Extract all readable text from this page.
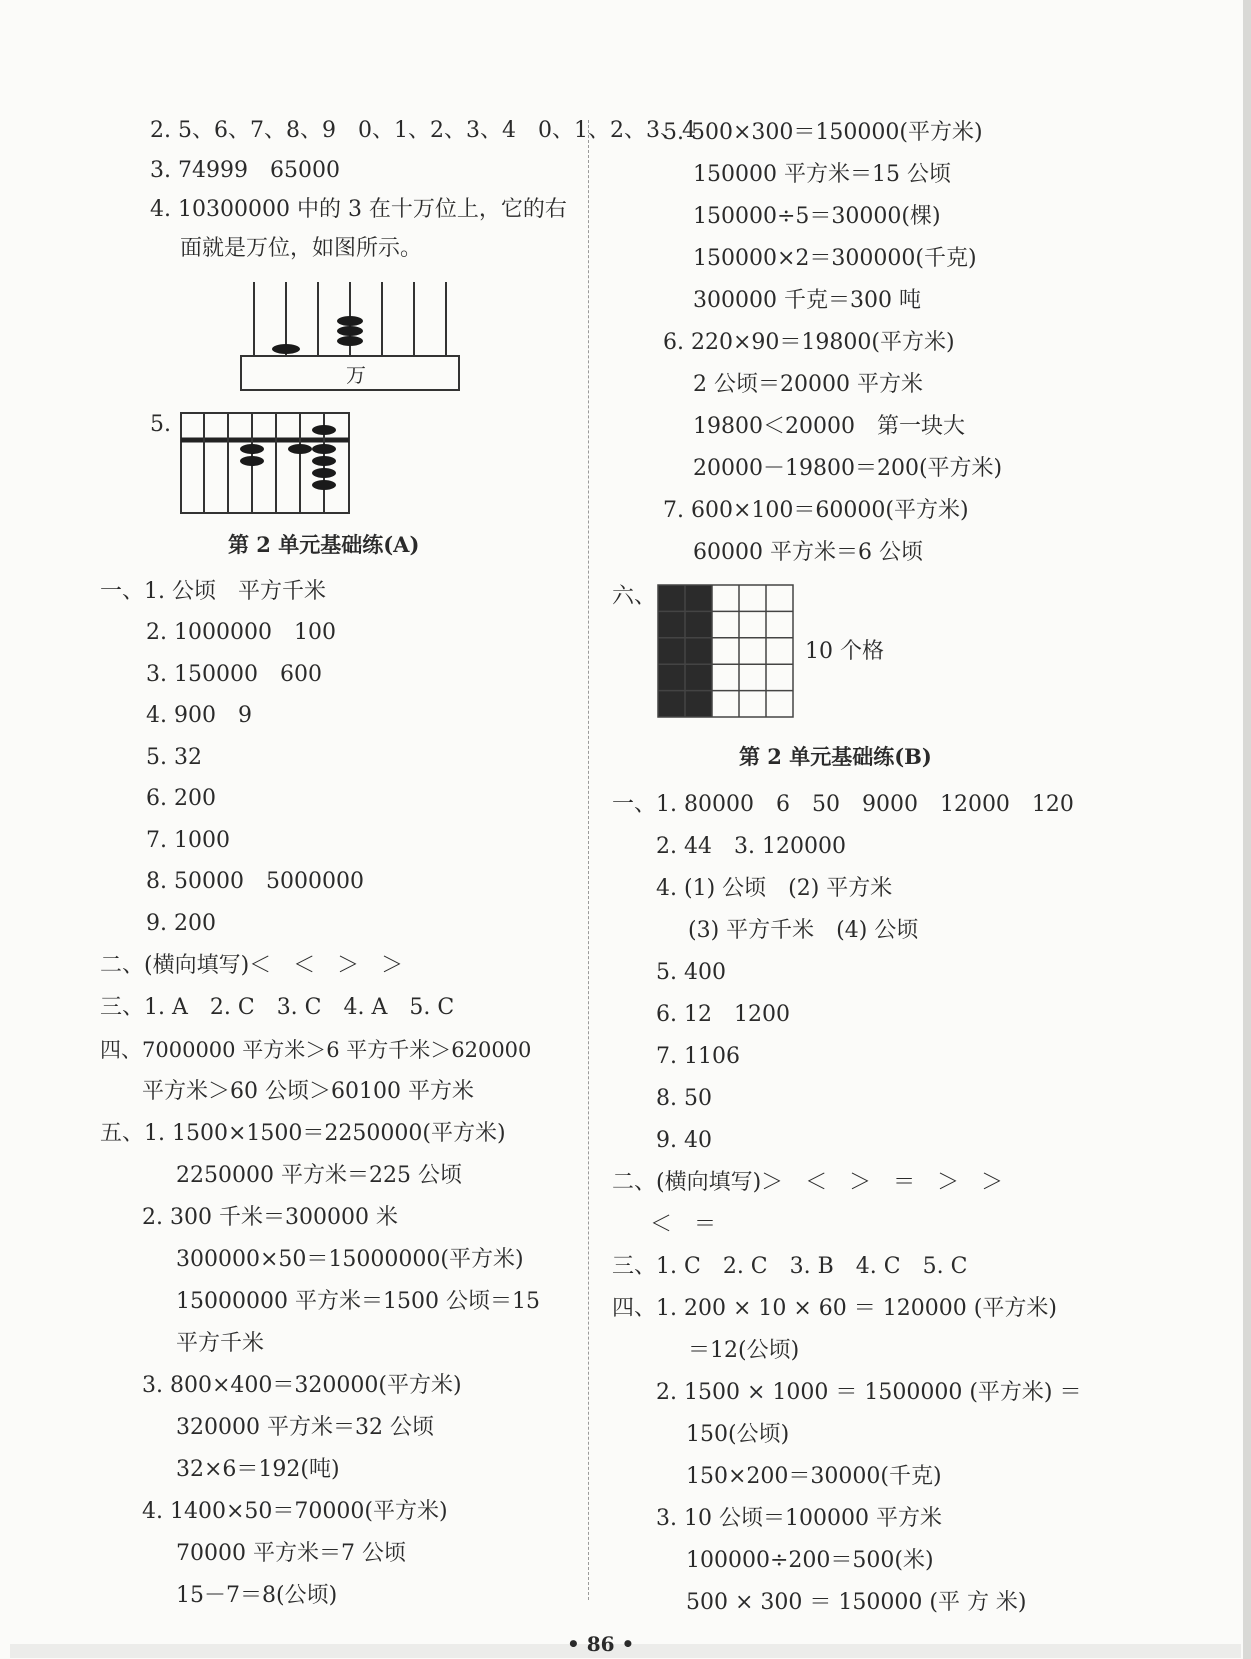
2. 5、6、7、8、9　0、1、2、3、4　0、1、2、3、4
3. 74999　65000
4. 10300000 中的 3 在十万位上，它的右
面就是万位，如图所示。
万
5.
第 2 单元基础练(A)
一、1. 公顷　平方千米
2. 1000000　100
3. 150000　600
4. 900　9
5. 32
6. 200
7. 1000
8. 50000　5000000
9. 200
二、(横向填写)＜　＜　＞　＞
三、1. A　2. C　3. C　4. A　5. C
四、7000000 平方米＞6 平方千米＞620000
平方米＞60 公顷＞60100 平方米
五、1. 1500×1500＝2250000(平方米)
2250000 平方米＝225 公顷
2. 300 千米＝300000 米
300000×50＝15000000(平方米)
15000000 平方米＝1500 公顷＝15
平方千米
3. 800×400＝320000(平方米)
320000 平方米＝32 公顷
32×6＝192(吨)
4. 1400×50＝70000(平方米)
70000 平方米＝7 公顷
15－7＝8(公顷)
5. 500×300＝150000(平方米)
150000 平方米＝15 公顷
150000÷5＝30000(棵)
150000×2＝300000(千克)
300000 千克＝300 吨
6. 220×90＝19800(平方米)
2 公顷＝20000 平方米
19800＜20000　第一块大
20000－19800＝200(平方米)
7. 600×100＝60000(平方米)
60000 平方米＝6 公顷
六、
10 个格
第 2 单元基础练(B)
一、1. 80000　6　50　9000　12000　120
2. 44　3. 120000
4. (1) 公顷　(2) 平方米
(3) 平方千米　(4) 公顷
5. 400
6. 12　1200
7. 1106
8. 50
9. 40
二、(横向填写)＞　＜　＞　＝　＞　＞
＜　＝
三、1. C　2. C　3. B　4. C　5. C
四、1. 200 × 10 × 60 ＝ 120000 (平方米)
＝12(公顷)
2. 1500 × 1000 ＝ 1500000 (平方米) ＝
150(公顷)
150×200＝30000(千克)
3. 10 公顷＝100000 平方米
100000÷200＝500(米)
500 × 300 ＝ 150000 (平 方 米)
• 86 •
